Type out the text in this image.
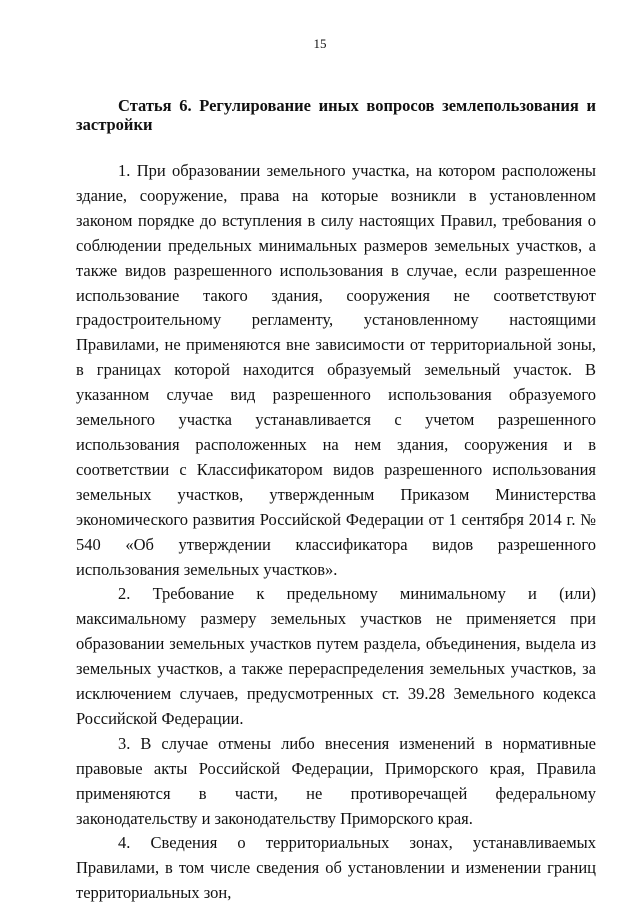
15
Статья 6. Регулирование иных вопросов землепользования и застройки

1. При образовании земельного участка, на котором расположены здание, сооружение, права на которые возникли в установленном законом порядке до вступления в силу настоящих Правил, требования о соблюдении предельных минимальных размеров земельных участков, а также видов разрешенного использования в случае, если разрешенное использование такого здания, сооружения не соответствуют градостроительному регламенту, установленному настоящими Правилами, не применяются вне зависимости от территориальной зоны, в границах которой находится образуемый земельный участок. В указанном случае вид разрешенного использования образуемого земельного участка устанавливается с учетом разрешенного использования расположенных на нем здания, сооружения и в соответствии с Классификатором видов разрешенного использования земельных участков, утвержденным Приказом Министерства экономического развития Российской Федерации от 1 сентября 2014 г. № 540 «Об утверждении классификатора видов разрешенного использования земельных участков».

2. Требование к предельному минимальному и (или) максимальному размеру земельных участков не применяется при образовании земельных участков путем раздела, объединения, выдела из земельных участков, а также перераспределения земельных участков, за исключением случаев, предусмотренных ст. 39.28 Земельного кодекса Российской Федерации.

3. В случае отмены либо внесения изменений в нормативные правовые акты Российской Федерации, Приморского края, Правила применяются в части, не противоречащей федеральному законодательству и законодательству Приморского края.

4. Сведения о территориальных зонах, устанавливаемых Правилами, в том числе сведения об установлении и изменении границ территориальных зон,
